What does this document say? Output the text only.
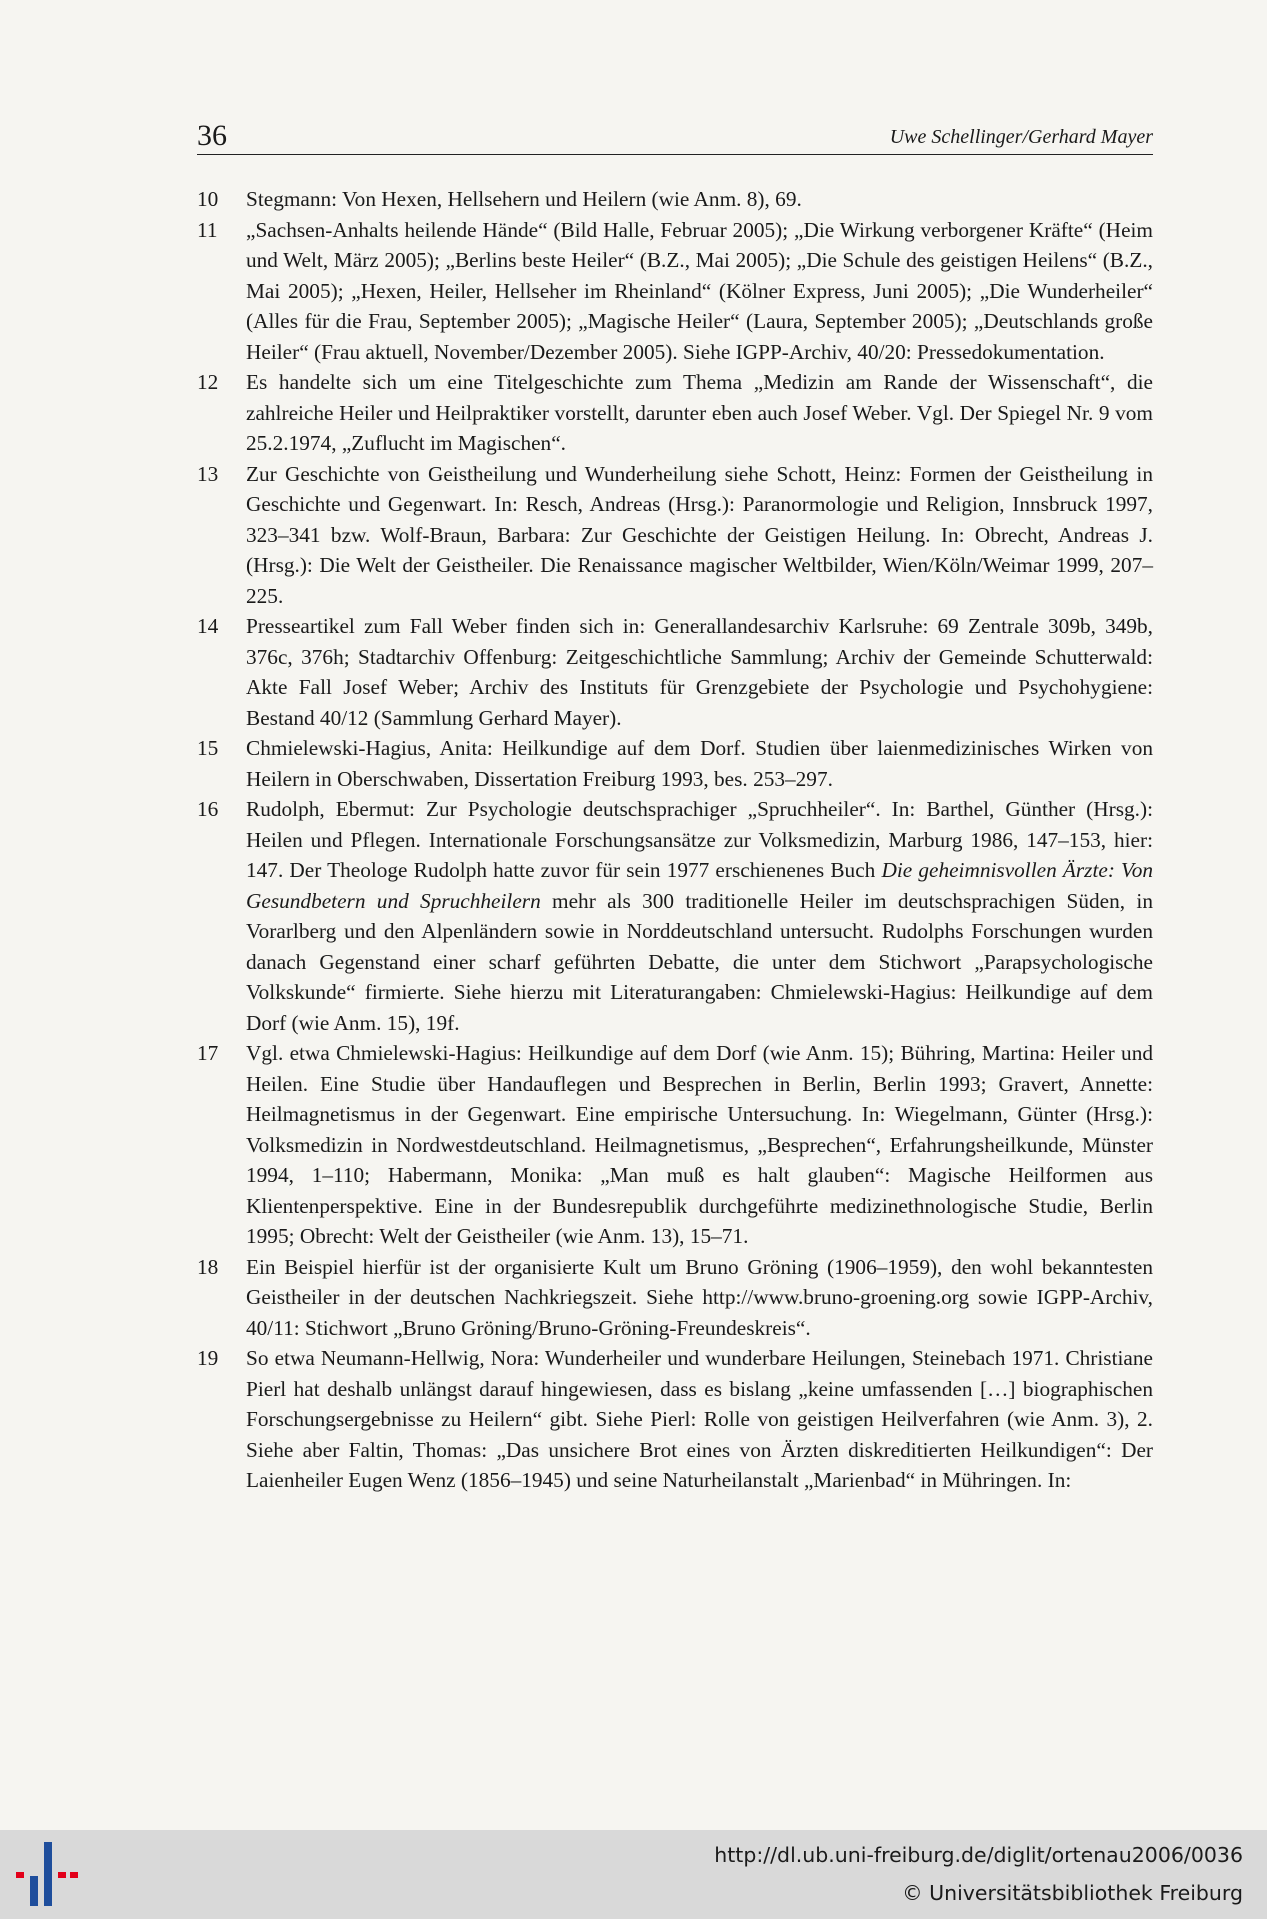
36	Uwe Schellinger/Gerhard Mayer
10	Stegmann: Von Hexen, Hellsehern und Heilern (wie Anm. 8), 69.
11	„Sachsen-Anhalts heilende Hände“ (Bild Halle, Februar 2005); „Die Wirkung verborgener Kräfte“ (Heim und Welt, März 2005); „Berlins beste Heiler“ (B.Z., Mai 2005); „Die Schule des geistigen Heilens“ (B.Z., Mai 2005); „Hexen, Heiler, Hellseher im Rheinland“ (Kölner Express, Juni 2005); „Die Wunderheiler“ (Alles für die Frau, September 2005); „Magische Heiler“ (Laura, September 2005); „Deutschlands große Heiler“ (Frau aktuell, November/Dezember 2005). Siehe IGPP-Archiv, 40/20: Pressedokumentation.
12	Es handelte sich um eine Titelgeschichte zum Thema „Medizin am Rande der Wissenschaft“, die zahlreiche Heiler und Heilpraktiker vorstellt, darunter eben auch Josef Weber. Vgl. Der Spiegel Nr. 9 vom 25.2.1974, „Zuflucht im Magischen“.
13	Zur Geschichte von Geistheilung und Wunderheilung siehe Schott, Heinz: Formen der Geistheilung in Geschichte und Gegenwart. In: Resch, Andreas (Hrsg.): Paranormologie und Religion, Innsbruck 1997, 323–341 bzw. Wolf-Braun, Barbara: Zur Geschichte der Geistigen Heilung. In: Obrecht, Andreas J. (Hrsg.): Die Welt der Geistheiler. Die Renaissance magischer Weltbilder, Wien/Köln/Weimar 1999, 207–225.
14	Presseartikel zum Fall Weber finden sich in: Generallandesarchiv Karlsruhe: 69 Zentrale 309b, 349b, 376c, 376h; Stadtarchiv Offenburg: Zeitgeschichtliche Sammlung; Archiv der Gemeinde Schutterwald: Akte Fall Josef Weber; Archiv des Instituts für Grenzgebiete der Psychologie und Psychohygiene: Bestand 40/12 (Sammlung Gerhard Mayer).
15	Chmielewski-Hagius, Anita: Heilkundige auf dem Dorf. Studien über laienmedizinisches Wirken von Heilern in Oberschwaben, Dissertation Freiburg 1993, bes. 253–297.
16	Rudolph, Ebermut: Zur Psychologie deutschsprachiger „Spruchheiler“. In: Barthel, Günther (Hrsg.): Heilen und Pflegen. Internationale Forschungsansätze zur Volksmedizin, Marburg 1986, 147–153, hier: 147. Der Theologe Rudolph hatte zuvor für sein 1977 erschienenes Buch Die geheimnisvollen Ärzte: Von Gesundbetern und Spruchheilern mehr als 300 traditionelle Heiler im deutschsprachigen Süden, in Vorarlberg und den Alpenländern sowie in Norddeutschland untersucht. Rudolphs Forschungen wurden danach Gegenstand einer scharf geführten Debatte, die unter dem Stichwort „Parapsychologische Volkskunde“ firmierte. Siehe hierzu mit Literaturangaben: Chmielewski-Hagius: Heilkundige auf dem Dorf (wie Anm. 15), 19f.
17	Vgl. etwa Chmielewski-Hagius: Heilkundige auf dem Dorf (wie Anm. 15); Bühring, Martina: Heiler und Heilen. Eine Studie über Handauflegen und Besprechen in Berlin, Berlin 1993; Gravert, Annette: Heilmagnetismus in der Gegenwart. Eine empirische Untersuchung. In: Wiegelmann, Günter (Hrsg.): Volksmedizin in Nordwestdeutschland. Heilmagnetismus, „Besprechen“, Erfahrungsheilkunde, Münster 1994, 1–110; Habermann, Monika: „Man muß es halt glauben“: Magische Heilformen aus Klientenperspektive. Eine in der Bundesrepublik durchgeführte medizinethnologische Studie, Berlin 1995; Obrecht: Welt der Geistheiler (wie Anm. 13), 15–71.
18	Ein Beispiel hierfür ist der organisierte Kult um Bruno Gröning (1906–1959), den wohl bekanntesten Geistheiler in der deutschen Nachkriegszeit. Siehe http://www.bruno-groening.org sowie IGPP-Archiv, 40/11: Stichwort „Bruno Gröning/Bruno-Gröning-Freundeskreis“.
19	So etwa Neumann-Hellwig, Nora: Wunderheiler und wunderbare Heilungen, Steinebach 1971. Christiane Pierl hat deshalb unlängst darauf hingewiesen, dass es bislang „keine umfassenden […] biographischen Forschungsergebnisse zu Heilern“ gibt. Siehe Pierl: Rolle von geistigen Heilverfahren (wie Anm. 3), 2. Siehe aber Faltin, Thomas: „Das unsichere Brot eines von Ärzten diskreditierten Heilkundigen“: Der Laienheiler Eugen Wenz (1856–1945) und seine Naturheilanstalt „Marienbad“ in Mühringen. In:
http://dl.ub.uni-freiburg.de/diglit/ortenau2006/0036
© Universitätsbibliothek Freiburg
